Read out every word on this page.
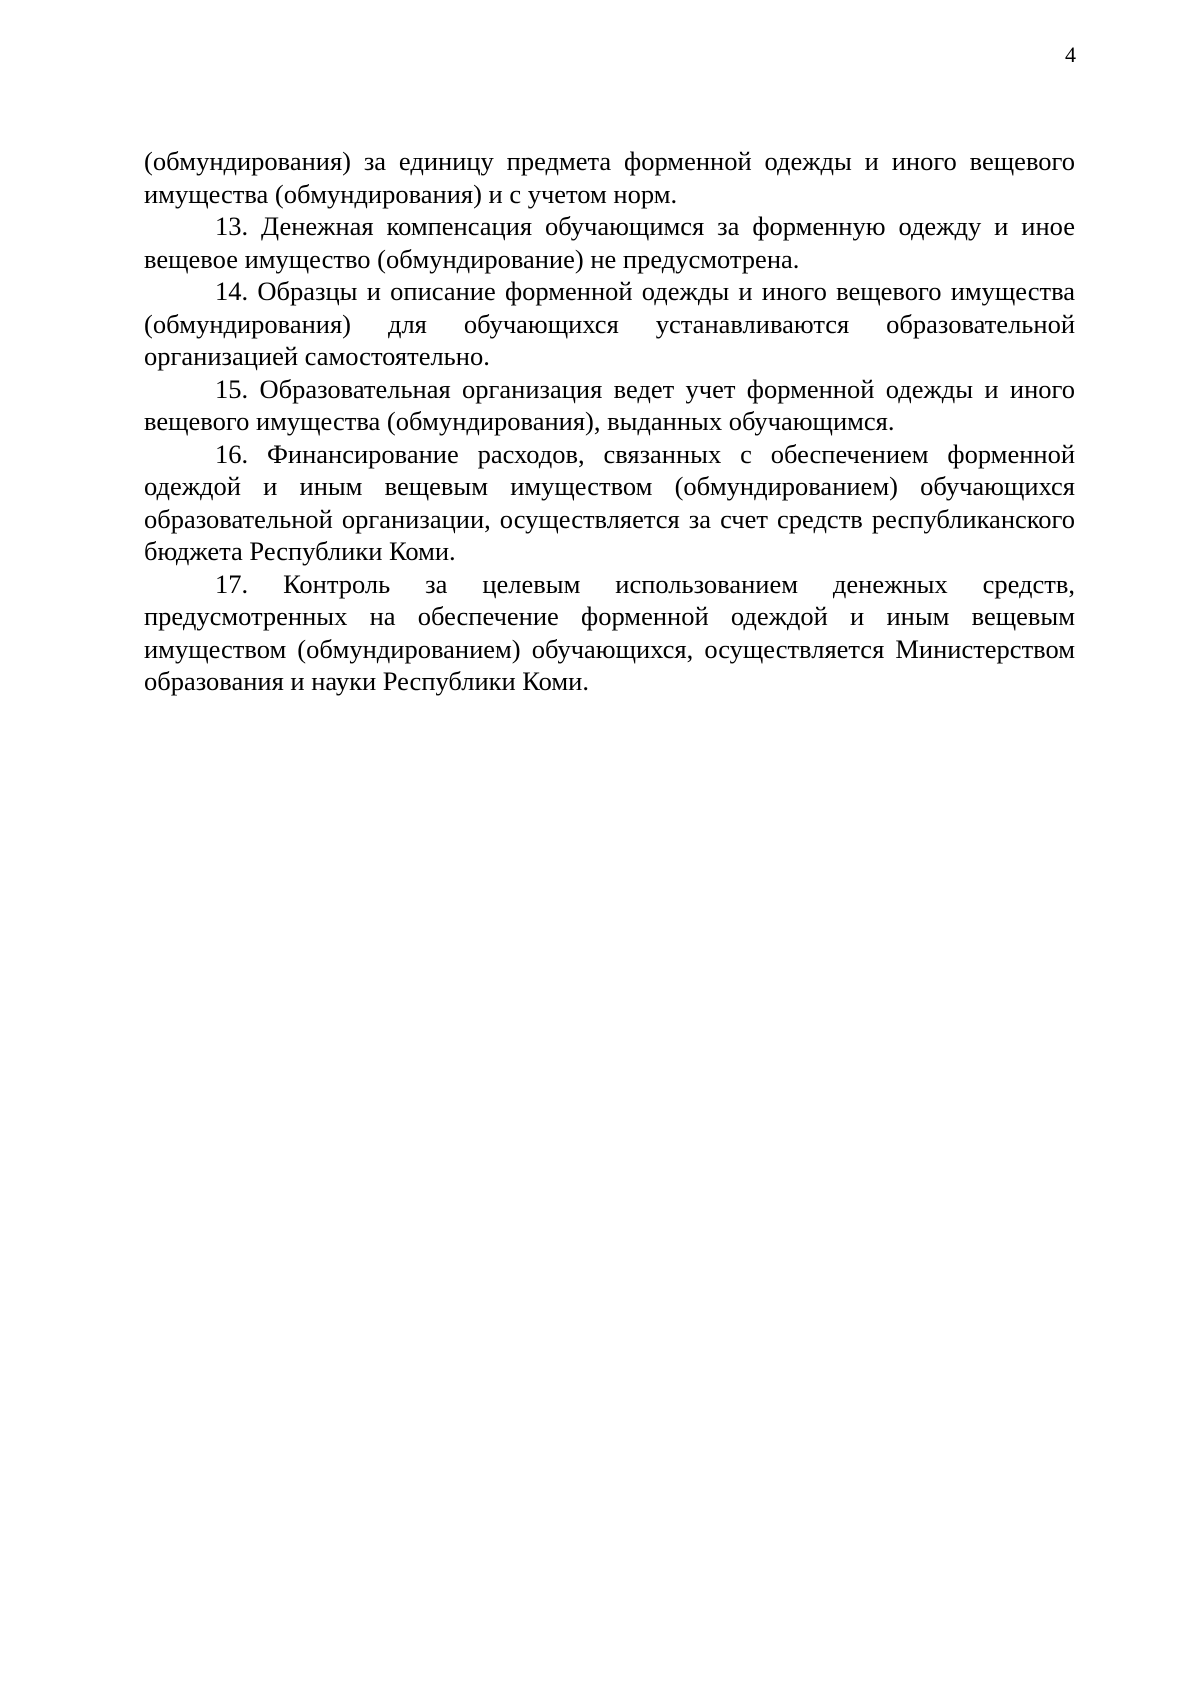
4

(обмундирования) за единицу предмета форменной одежды и иного вещевого имущества (обмундирования) и с учетом норм.

13. Денежная компенсация обучающимся за форменную одежду и иное вещевое имущество (обмундирование) не предусмотрена.

14. Образцы и описание форменной одежды и иного вещевого имущества (обмундирования) для обучающихся устанавливаются образовательной организацией самостоятельно.

15. Образовательная организация ведет учет форменной одежды и иного вещевого имущества (обмундирования), выданных обучающимся.

16. Финансирование расходов, связанных с обеспечением форменной одеждой и иным вещевым имуществом (обмундированием) обучающихся образовательной организации, осуществляется за счет средств республиканского бюджета Республики Коми.

17. Контроль за целевым использованием денежных средств, предусмотренных на обеспечение форменной одеждой и иным вещевым имуществом (обмундированием) обучающихся, осуществляется Министерством образования и науки Республики Коми.
